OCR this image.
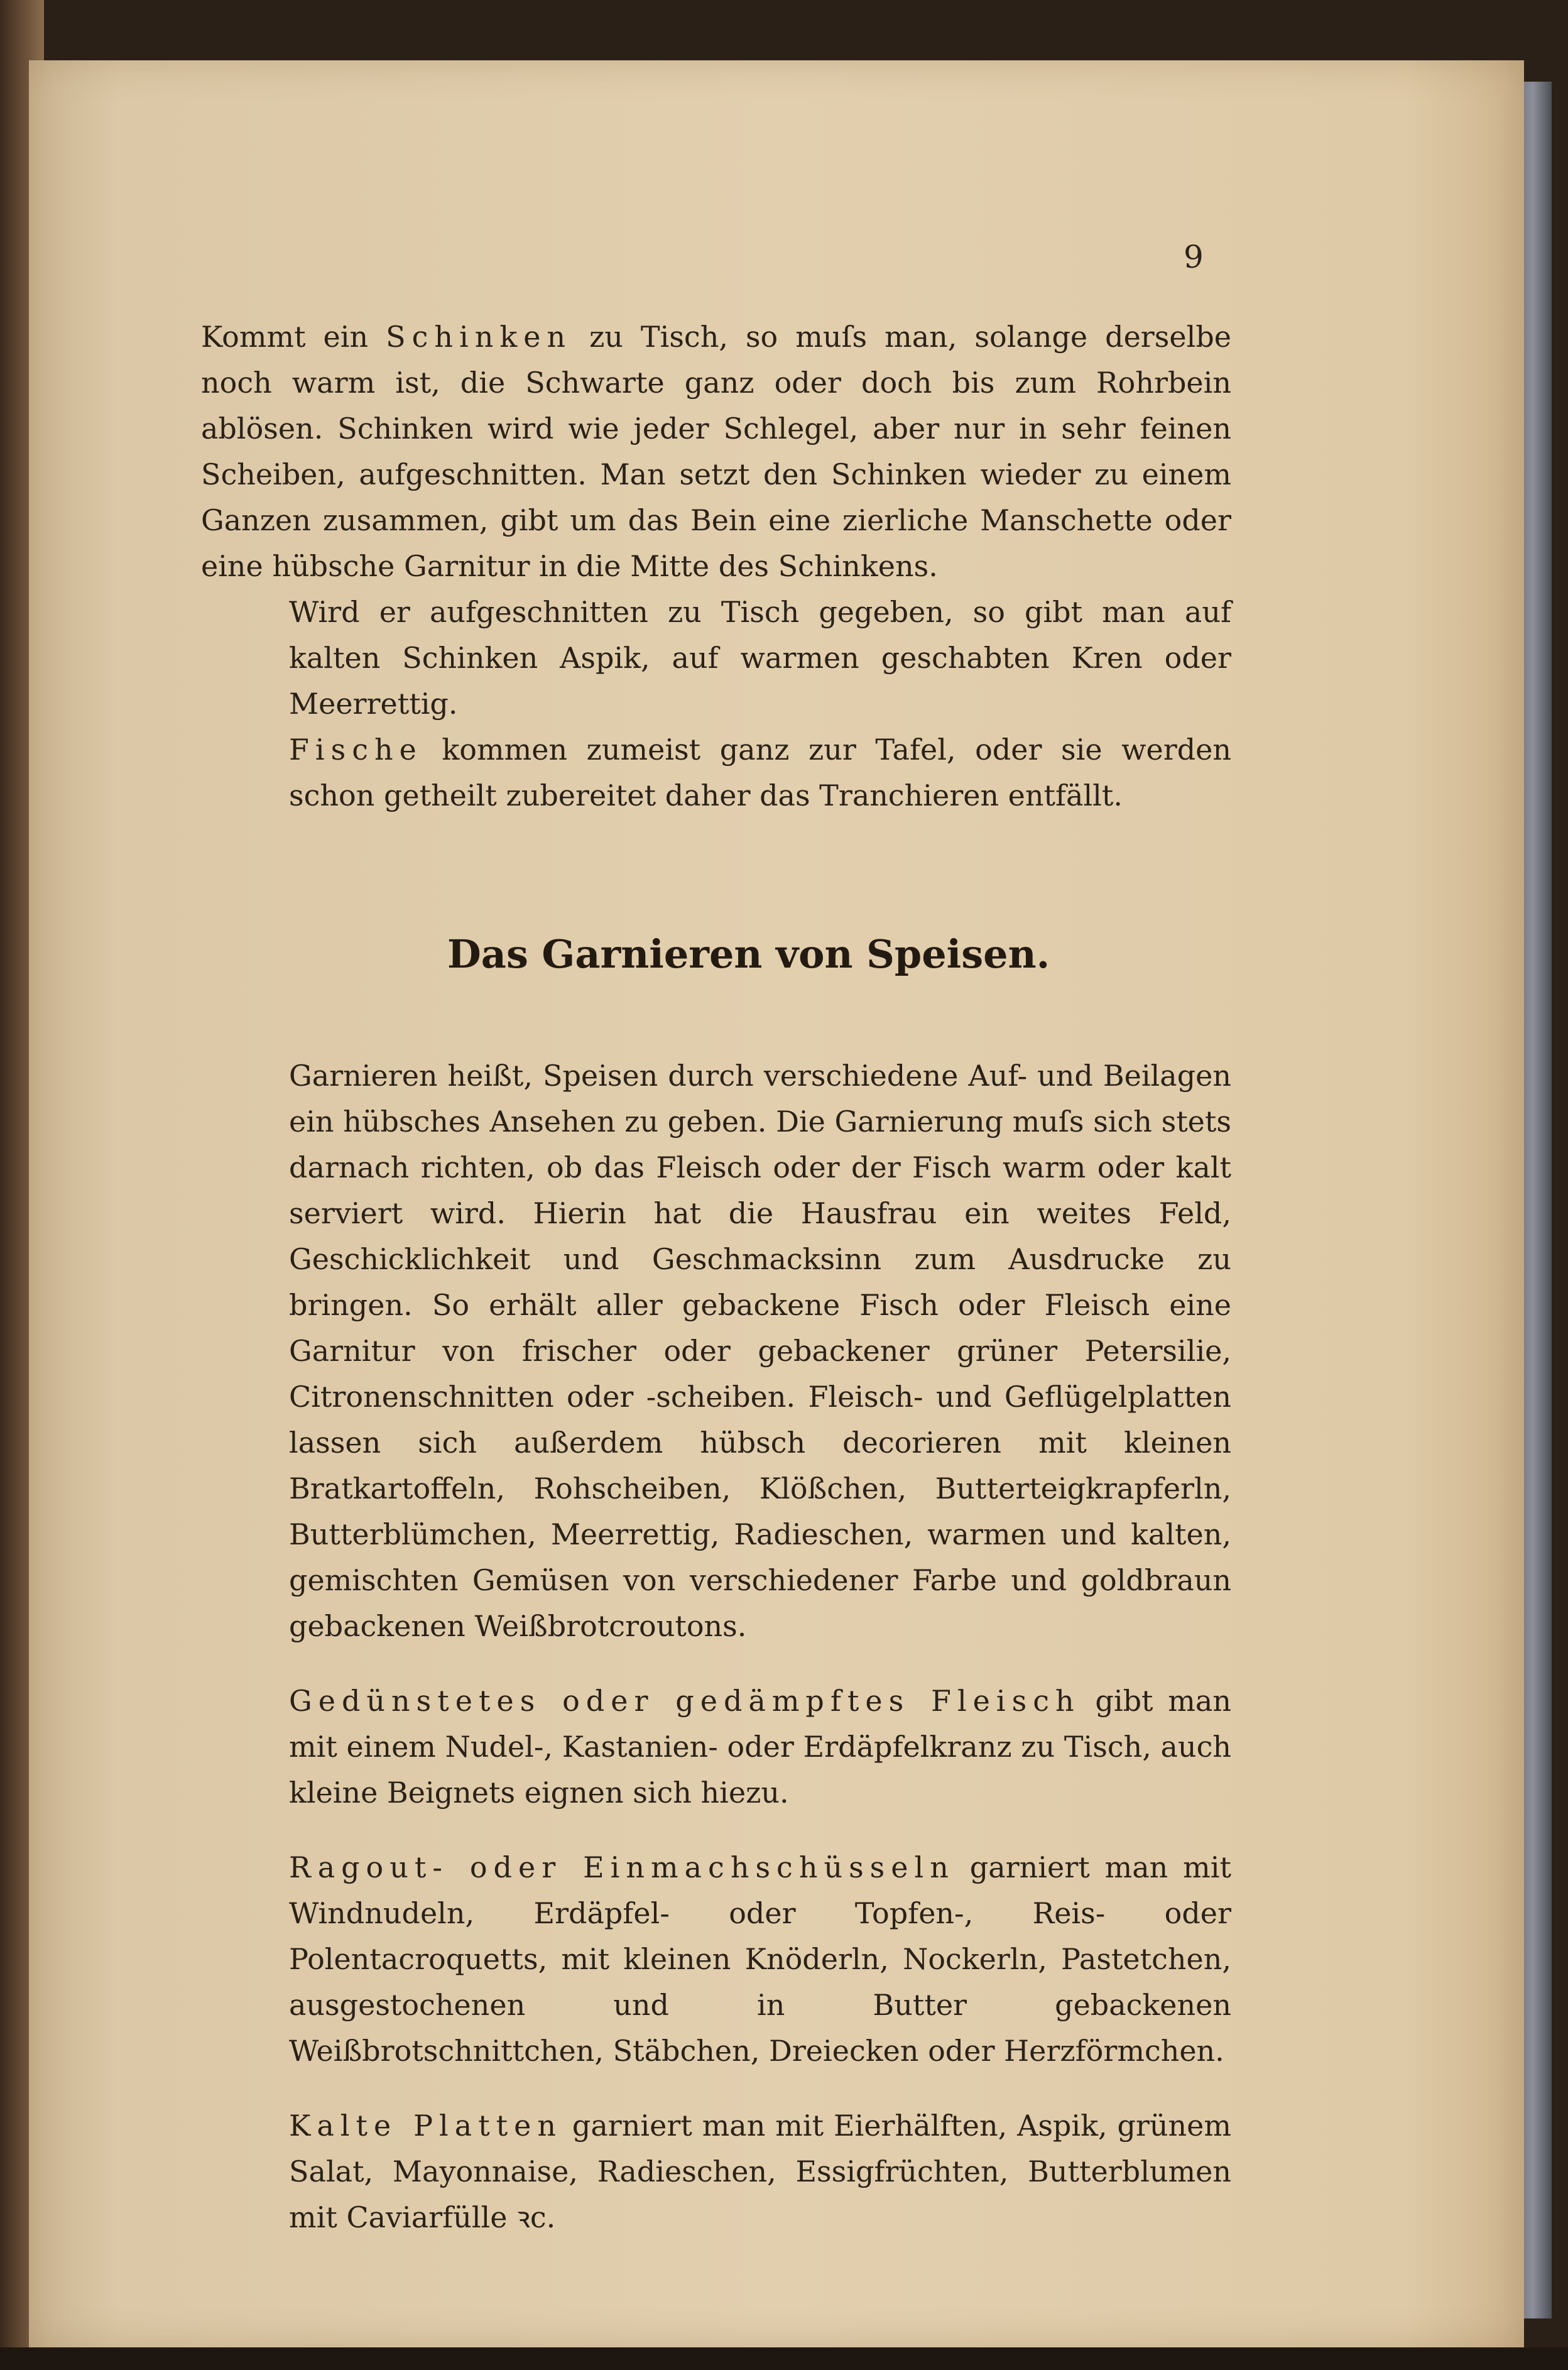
9

Kommt ein Schinken zu Tisch, so muſs man, solange derselbe noch warm ist, die Schwarte ganz oder doch bis zum Rohrbein ablösen. Schinken wird wie jeder Schlegel, aber nur in sehr feinen Scheiben, aufgeschnitten. Man setzt den Schinken wieder zu einem Ganzen zusammen, gibt um das Bein eine zierliche Manschette oder eine hübsche Garnitur in die Mitte des Schinkens.

Wird er aufgeschnitten zu Tisch gegeben, so gibt man auf kalten Schinken Aspik, auf warmen geschabten Kren oder Meerrettig.

Fische kommen zumeist ganz zur Tafel, oder sie werden schon getheilt zubereitet daher das Tranchieren entfällt.

Das Garnieren von Speisen.

Garnieren heißt, Speisen durch verschiedene Auf- und Beilagen ein hübsches Ansehen zu geben. Die Garnierung muſs sich stets darnach richten, ob das Fleisch oder der Fisch warm oder kalt serviert wird. Hierin hat die Hausfrau ein weites Feld, Geschicklichkeit und Geschmacksinn zum Ausdrucke zu bringen. So erhält aller gebackene Fisch oder Fleisch eine Garnitur von frischer oder gebackener grüner Petersilie, Citronenschnitten oder -scheiben. Fleisch- und Geflügelplatten lassen sich außerdem hübsch decorieren mit kleinen Bratkartoffeln, Rohscheiben, Klößchen, Butterteigkrapferln, Butterblümchen, Meerrettig, Radieschen, warmen und kalten, gemischten Gemüsen von verschiedener Farbe und goldbraun gebackenen Weißbrotcroutons.

Gedünstetes oder gedämpftes Fleisch gibt man mit einem Nudel-, Kastanien- oder Erdäpfelkranz zu Tisch, auch kleine Beignets eignen sich hiezu.

Ragout- oder Einmachschüsseln garniert man mit Windnudeln, Erdäpfel- oder Topfen-, Reis- oder Polentacroquetts, mit kleinen Knöderln, Nockerln, Pastetchen, ausgestochenen und in Butter gebackenen Weißbrotschnittchen, Stäbchen, Dreiecken oder Herzförmchen.

Kalte Platten garniert man mit Eierhälften, Aspik, grünem Salat, Mayonnaise, Radieschen, Essigfrüchten, Butterblumen mit Caviarfülle ꝛc.
